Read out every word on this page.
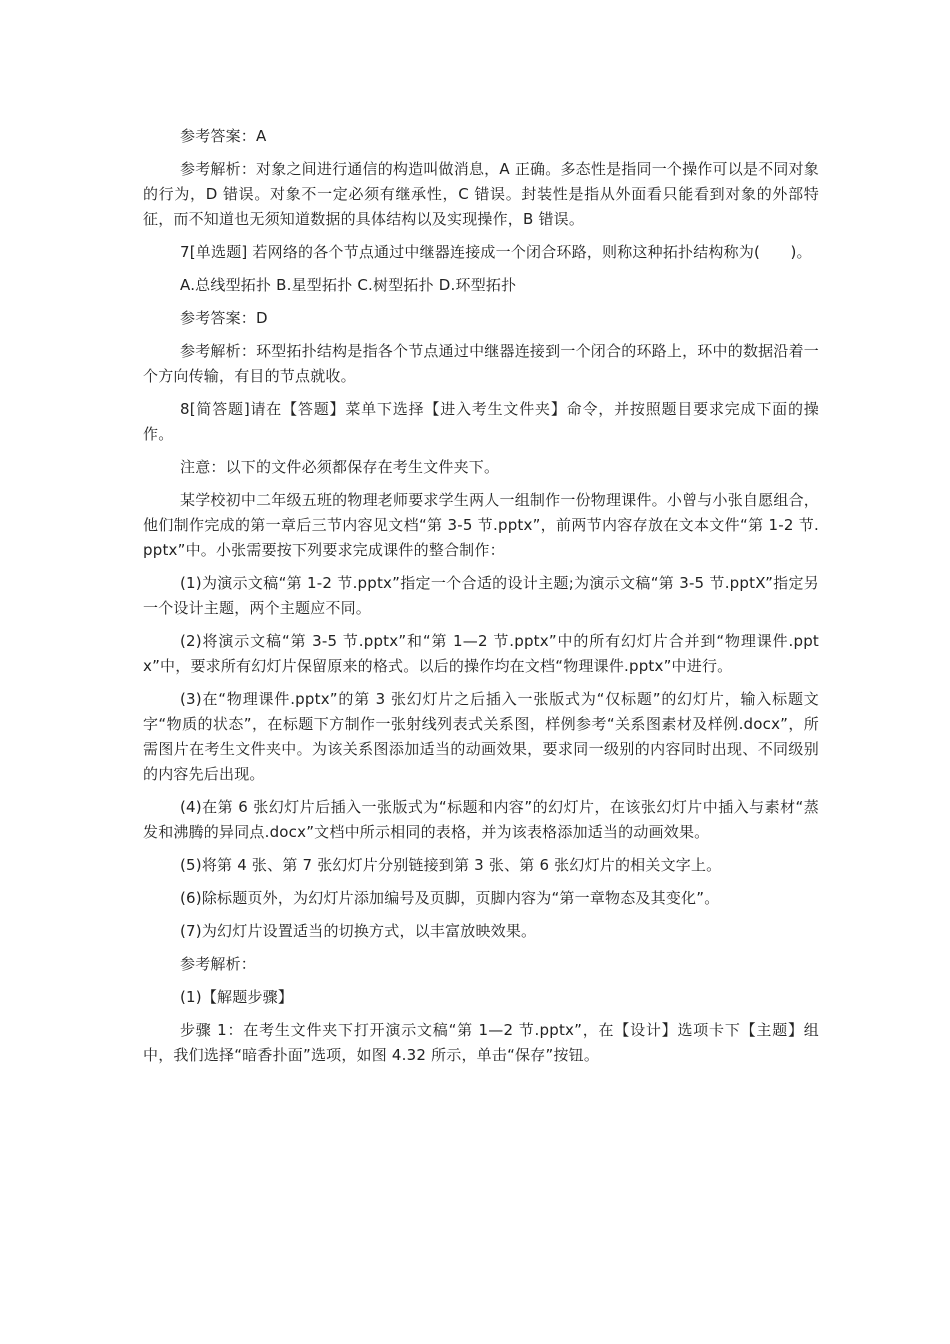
参考答案：A

参考解析：对象之间进行通信的构造叫做消息，A 正确。多态性是指同一个操作可以是不同对象的行为，D 错误。对象不一定必须有继承性，C 错误。封装性是指从外面看只能看到对象的外部特征，而不知道也无须知道数据的具体结构以及实现操作，B 错误。

7[单选题] 若网络的各个节点通过中继器连接成一个闭合环路，则称这种拓扑结构称为(　　)。

A.总线型拓扑 B.星型拓扑 C.树型拓扑 D.环型拓扑

参考答案：D

参考解析：环型拓扑结构是指各个节点通过中继器连接到一个闭合的环路上，环中的数据沿着一个方向传输，有目的节点就收。

8[简答题]请在【答题】菜单下选择【进入考生文件夹】命令，并按照题目要求完成下面的操作。

注意：以下的文件必须都保存在考生文件夹下。

某学校初中二年级五班的物理老师要求学生两人一组制作一份物理课件。小曾与小张自愿组合，他们制作完成的第一章后三节内容见文档“第 3-5 节.pptx”，前两节内容存放在文本文件“第 1-2 节.pptx”中。小张需要按下列要求完成课件的整合制作：

(1)为演示文稿“第 1-2 节.pptx”指定一个合适的设计主题;为演示文稿“第 3-5 节.pptX”指定另一个设计主题，两个主题应不同。

(2)将演示文稿“第 3-5 节.pptx”和“第 1—2 节.pptx”中的所有幻灯片合并到“物理课件.pptx”中，要求所有幻灯片保留原来的格式。以后的操作均在文档“物理课件.pptx”中进行。

(3)在“物理课件.pptx”的第 3 张幻灯片之后插入一张版式为“仅标题”的幻灯片，输入标题文字“物质的状态”，在标题下方制作一张射线列表式关系图，样例参考“关系图素材及样例.docx”，所需图片在考生文件夹中。为该关系图添加适当的动画效果，要求同一级别的内容同时出现、不同级别的内容先后出现。

(4)在第 6 张幻灯片后插入一张版式为“标题和内容”的幻灯片，在该张幻灯片中插入与素材“蒸发和沸腾的异同点.docx”文档中所示相同的表格，并为该表格添加适当的动画效果。

(5)将第 4 张、第 7 张幻灯片分别链接到第 3 张、第 6 张幻灯片的相关文字上。

(6)除标题页外，为幻灯片添加编号及页脚，页脚内容为“第一章物态及其变化”。

(7)为幻灯片设置适当的切换方式，以丰富放映效果。

参考解析：

(1)【解题步骤】

步骤 1：在考生文件夹下打开演示文稿“第 1—2 节.pptx”，在【设计】选项卡下【主题】组中，我们选择“暗香扑面”选项，如图 4.32 所示，单击“保存”按钮。
